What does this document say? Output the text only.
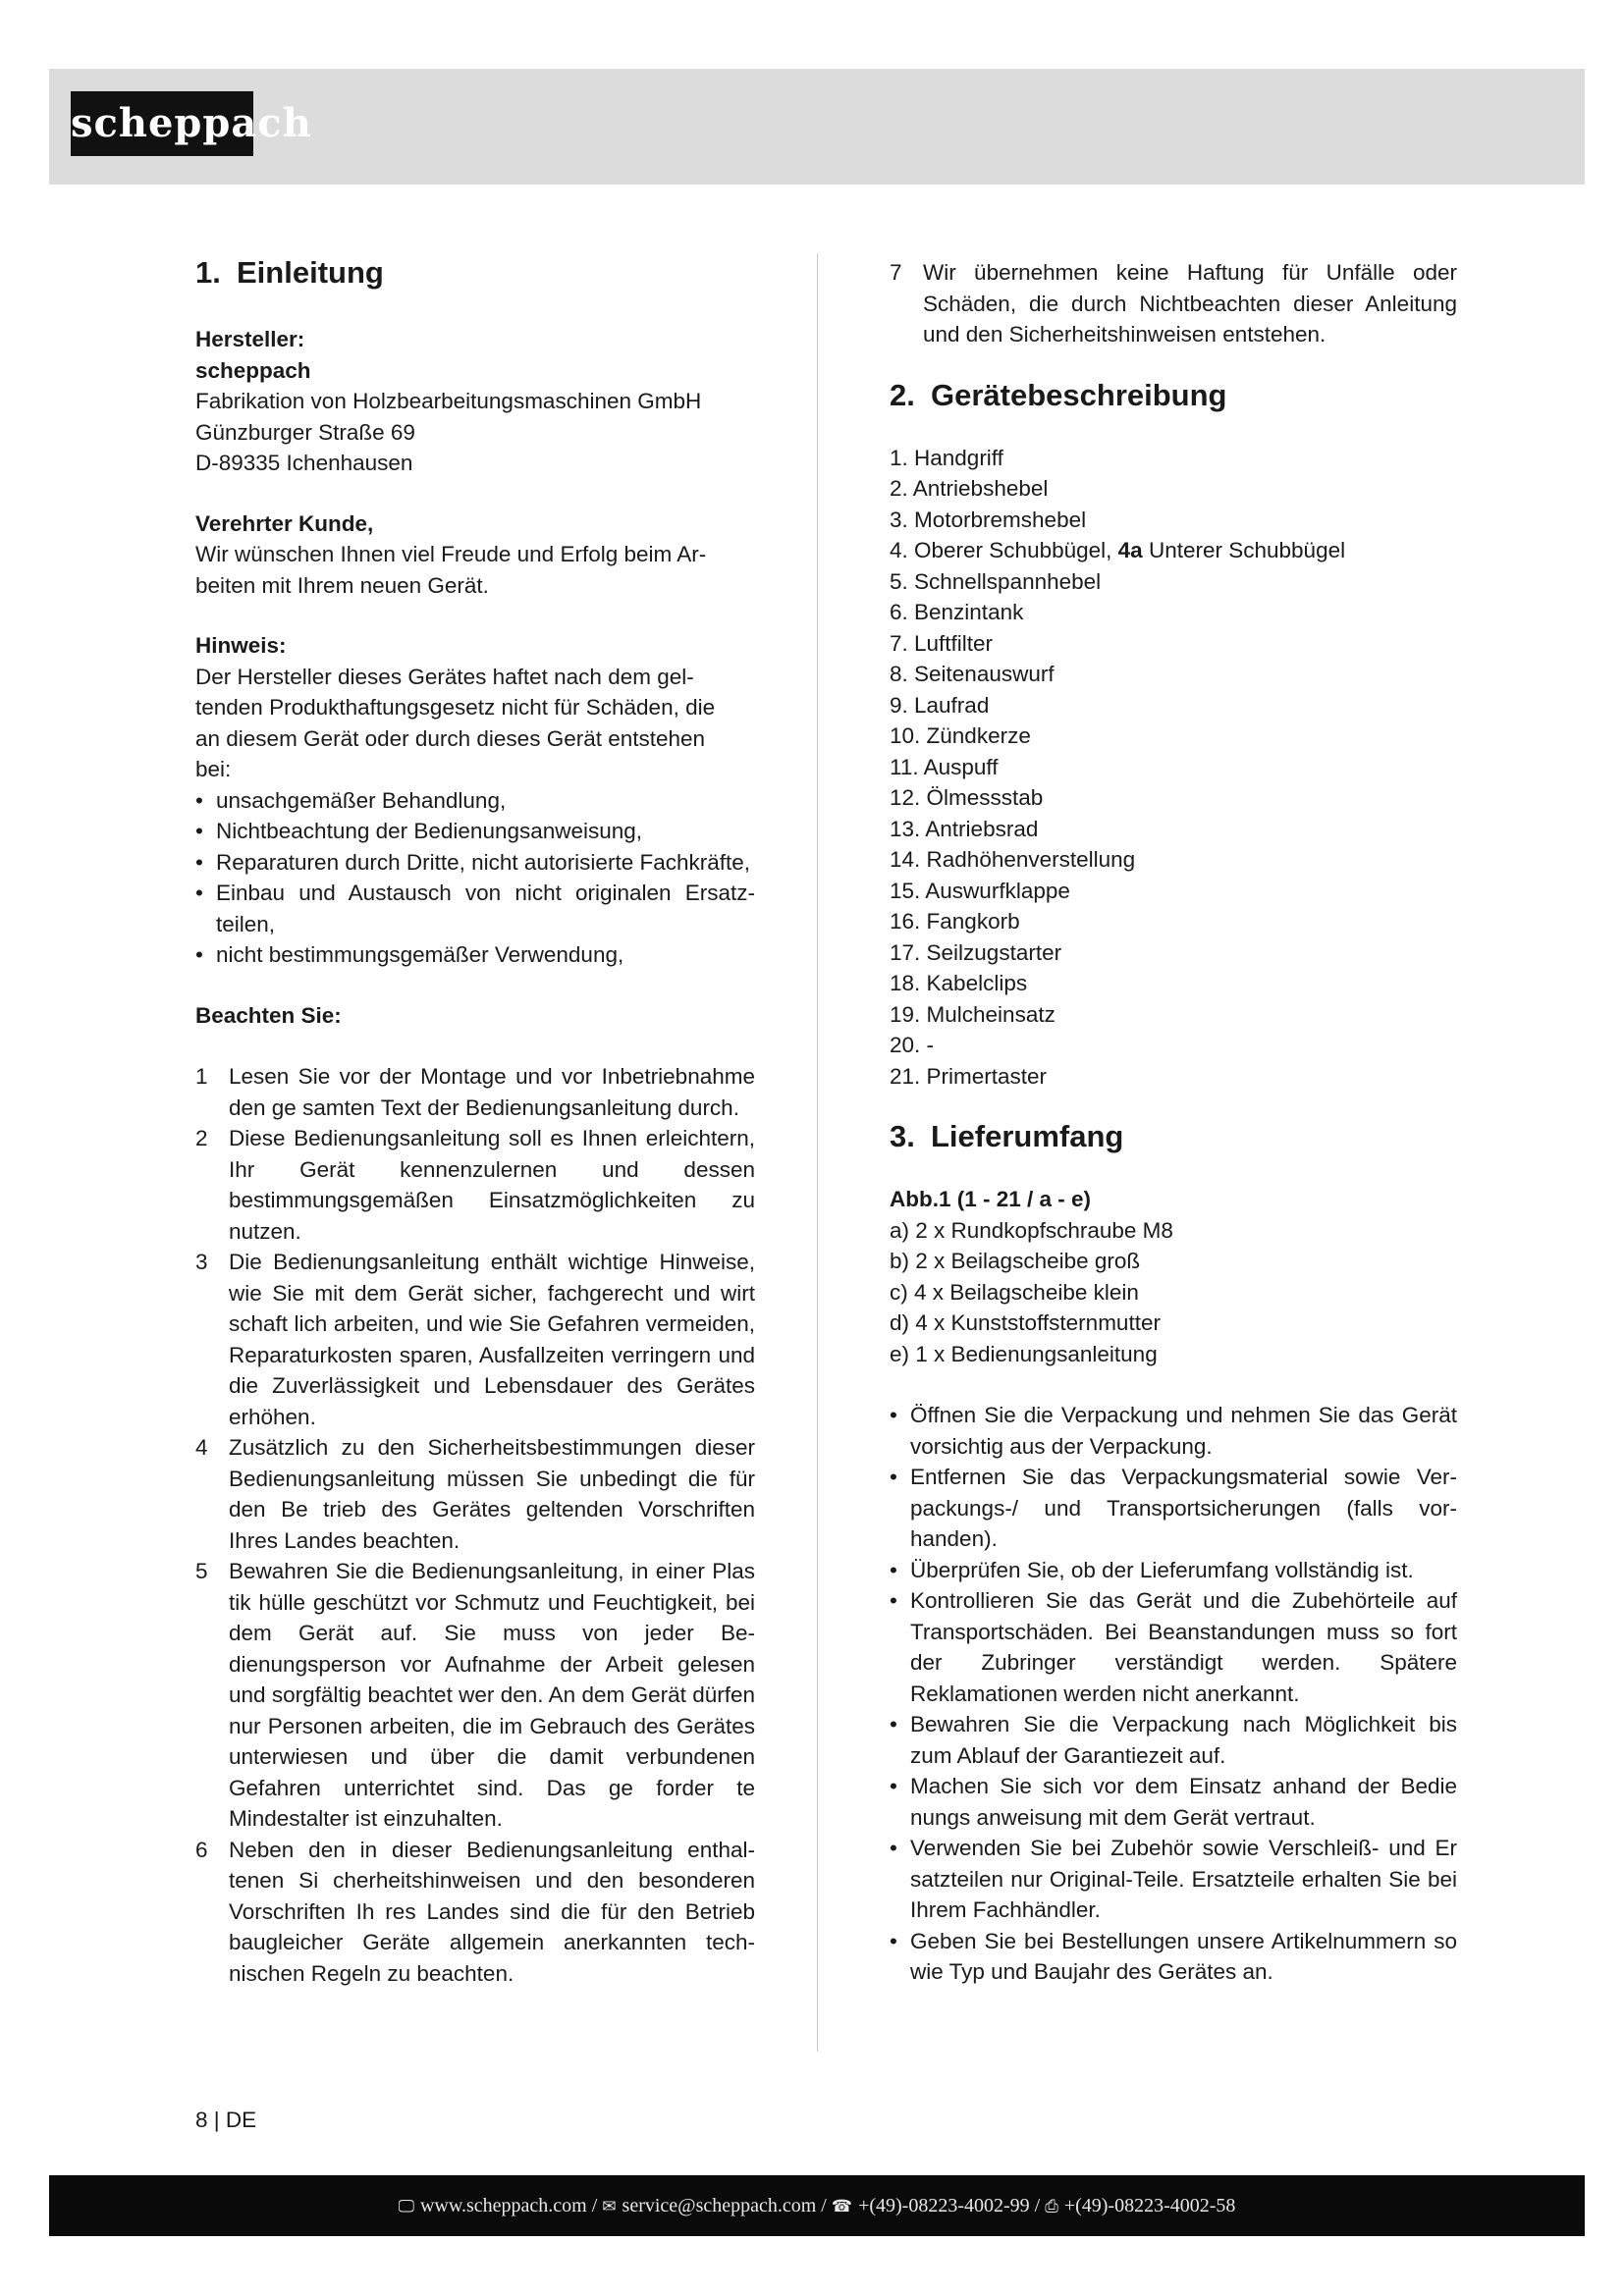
scheppach
1. Einleitung
Hersteller:
scheppach
Fabrikation von Holzbearbeitungsmaschinen GmbH
Günzburger Straße 69
D-89335 Ichenhausen
Verehrter Kunde,
Wir wünschen Ihnen viel Freude und Erfolg beim Ar-
beiten mit Ihrem neuen Gerät.
Hinweis:
Der Hersteller dieses Gerätes haftet nach dem gel-
tenden Produkthaftungsgesetz nicht für Schäden, die
an diesem Gerät oder durch dieses Gerät entstehen
bei:
• unsachgemäßer Behandlung,
• Nichtbeachtung der Bedienungsanweisung,
• Reparaturen durch Dritte, nicht autorisierte Fachkräfte,
• Einbau und Austausch von nicht originalen Ersatzteilen,
• nicht bestimmungsgemäßer Verwendung,
Beachten Sie:
1 Lesen Sie vor der Montage und vor Inbetriebnahme den ge samten Text der Bedienungsanleitung durch.
2 Diese Bedienungsanleitung soll es Ihnen erleichtern, Ihr Gerät kennenzulernen und dessen bestimmungsgemäßen Einsatzmöglichkeiten zu nutzen.
3 Die Bedienungsanleitung enthält wichtige Hinweise, wie Sie mit dem Gerät sicher, fachgerecht und wirt schaft lich arbeiten, und wie Sie Gefahren vermeiden, Reparaturkosten sparen, Ausfallzeiten verringern und die Zuverlässigkeit und Lebensdauer des Gerätes erhöhen.
4 Zusätzlich zu den Sicherheitsbestimmungen dieser Bedienungsanleitung müssen Sie unbedingt die für den Be trieb des Gerätes geltenden Vorschriften Ihres Landes beachten.
5 Bewahren Sie die Bedienungsanleitung, in einer Plas tik hülle geschützt vor Schmutz und Feuchtigkeit, bei dem Gerät auf. Sie muss von jeder Bedienungsperson vor Aufnahme der Arbeit gelesen und sorgfältig beachtet wer den. An dem Gerät dürfen nur Personen arbeiten, die im Gebrauch des Gerätes unterwiesen und über die damit verbundenen Gefahren unterrichtet sind. Das ge forder te Mindestalter ist einzuhalten.
6 Neben den in dieser Bedienungsanleitung enthaltenen Si cherheitshinweisen und den besonderen Vorschriften Ih res Landes sind die für den Betrieb baugleicher Geräte allgemein anerkannten technischen Regeln zu beachten.
7 Wir übernehmen keine Haftung für Unfälle oder Schäden, die durch Nichtbeachten dieser Anleitung und den Sicherheitshinweisen entstehen.
2. Gerätebeschreibung
1. Handgriff
2. Antriebshebel
3. Motorbremshebel
4. Oberer Schubbügel, 4a Unterer Schubbügel
5. Schnellspannhebel
6. Benzintank
7. Luftfilter
8. Seitenauswurf
9. Laufrad
10. Zündkerze
11. Auspuff
12. Ölmessstab
13. Antriebsrad
14. Radhöhenverstellung
15. Auswurfklappe
16. Fangkorb
17. Seilzugstarter
18. Kabelclips
19. Mulcheinsatz
20. -
21. Primertaster
3. Lieferumfang
Abb.1 (1 - 21 / a - e)
a) 2 x Rundkopfschraube M8
b) 2 x Beilagscheibe groß
c) 4 x Beilagscheibe klein
d) 4 x Kunststoffsternmutter
e) 1 x Bedienungsanleitung
• Öffnen Sie die Verpackung und nehmen Sie das Gerät vorsichtig aus der Verpackung.
• Entfernen Sie das Verpackungsmaterial sowie Verpackungs-/ und Transportsicherungen (falls vorhanden).
• Überprüfen Sie, ob der Lieferumfang vollständig ist.
• Kontrollieren Sie das Gerät und die Zubehörteile auf Transportschäden. Bei Beanstandungen muss so fort der Zubringer verständigt werden. Spätere Reklamationen werden nicht anerkannt.
• Bewahren Sie die Verpackung nach Möglichkeit bis zum Ablauf der Garantiezeit auf.
• Machen Sie sich vor dem Einsatz anhand der Bedie nungs anweisung mit dem Gerät vertraut.
• Verwenden Sie bei Zubehör sowie Verschleiß- und Er satzteilen nur Original-Teile. Ersatzteile erhalten Sie bei Ihrem Fachhändler.
• Geben Sie bei Bestellungen unsere Artikelnummern so wie Typ und Baujahr des Gerätes an.
8 | DE
🖵 www.scheppach.com / ✉ service@scheppach.com / ☎ +(49)-08223-4002-99 / ⎙ +(49)-08223-4002-58
